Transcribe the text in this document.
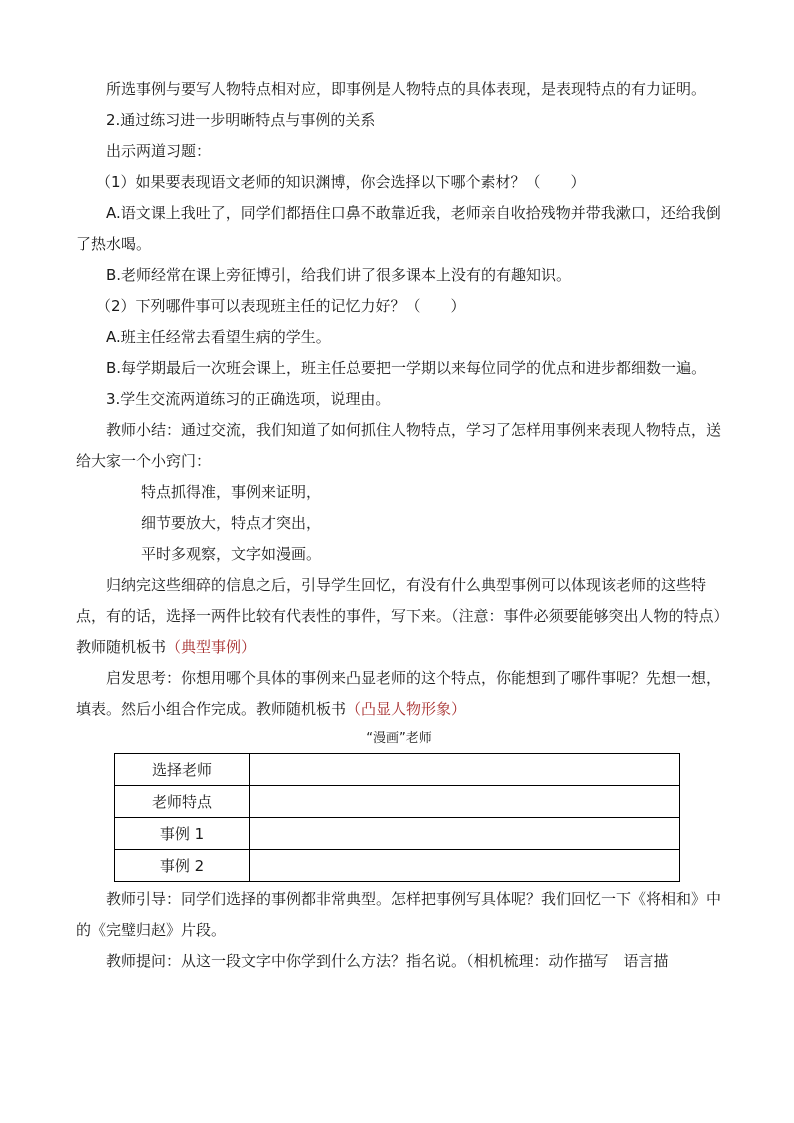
所选事例与要写人物特点相对应，即事例是人物特点的具体表现，是表现特点的有力证明。

2.通过练习进一步明晰特点与事例的关系

出示两道习题：

（1）如果要表现语文老师的知识渊博，你会选择以下哪个素材？（　　）

A.语文课上我吐了，同学们都捂住口鼻不敢靠近我，老师亲自收拾残物并带我漱口，还给我倒了热水喝。

B.老师经常在课上旁征博引，给我们讲了很多课本上没有的有趣知识。

（2）下列哪件事可以表现班主任的记忆力好？（　　）

A.班主任经常去看望生病的学生。

B.每学期最后一次班会课上，班主任总要把一学期以来每位同学的优点和进步都细数一遍。

3.学生交流两道练习的正确选项，说理由。

教师小结：通过交流，我们知道了如何抓住人物特点，学习了怎样用事例来表现人物特点，送给大家一个小窍门：

特点抓得准，事例来证明，

细节要放大，特点才突出，

平时多观察，文字如漫画。

归纳完这些细碎的信息之后，引导学生回忆，有没有什么典型事例可以体现该老师的这些特点，有的话，选择一两件比较有代表性的事件，写下来。（注意：事件必须要能够突出人物的特点）教师随机板书（典型事例）

启发思考：你想用哪个具体的事例来凸显老师的这个特点，你能想到了哪件事呢？先想一想，填表。然后小组合作完成。教师随机板书（凸显人物形象）

“漫画”老师
选择老师	
老师特点	
事例 1	
事例 2	

教师引导：同学们选择的事例都非常典型。怎样把事例写具体呢？我们回忆一下《将相和》中的《完璧归赵》片段。

教师提问：从这一段文字中你学到什么方法？指名说。（相机梳理：动作描写　语言描
